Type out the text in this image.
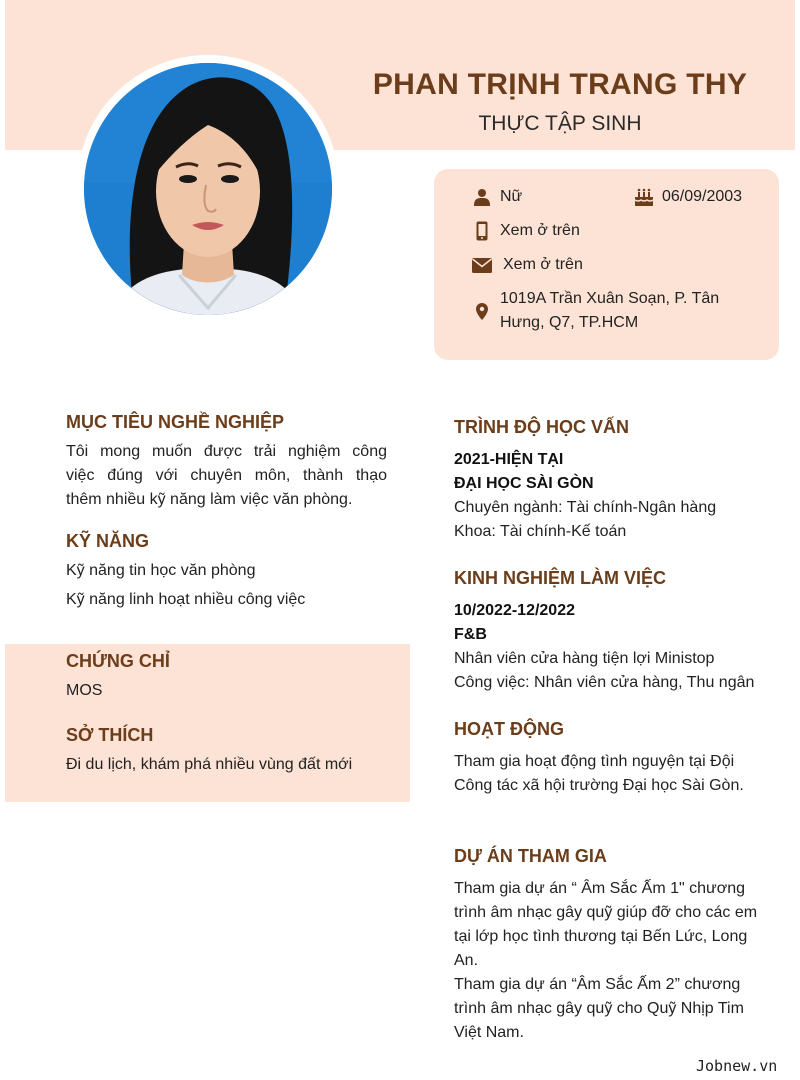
PHAN TRỊNH TRANG THY
THỰC TẬP SINH
Nữ	06/09/2003
Xem ở trên
Xem ở trên
1019A Trần Xuân Soạn, P. Tân
Hưng, Q7, TP.HCM
MỤC TIÊU NGHỀ NGHIỆP
Tôi mong muốn được trải nghiệm công
việc đúng với chuyên môn, thành thạo
thêm nhiều kỹ năng làm việc văn phòng.
KỸ NĂNG
Kỹ năng tin học văn phòng
Kỹ năng linh hoạt nhiều công việc
CHỨNG CHỈ
MOS
SỞ THÍCH
Đi du lịch, khám phá nhiều vùng đất mới
TRÌNH ĐỘ HỌC VẤN
2021-HIỆN TẠI
ĐẠI HỌC SÀI GÒN
Chuyên ngành: Tài chính-Ngân hàng
Khoa: Tài chính-Kế toán
KINH NGHIỆM LÀM VIỆC
10/2022-12/2022
F&B
Nhân viên cửa hàng tiện lợi Ministop
Công việc: Nhân viên cửa hàng, Thu ngân
HOẠT ĐỘNG
Tham gia hoạt động tình nguyện tại Đội
Công tác xã hội trường Đại học Sài Gòn.
DỰ ÁN THAM GIA
Tham gia dự án “ Âm Sắc Ấm 1" chương
trình âm nhạc gây quỹ giúp đỡ cho các em
tại lớp học tình thương tại Bến Lức, Long
An.
Tham gia dự án “Âm Sắc Ấm 2” chương
trình âm nhạc gây quỹ cho Quỹ Nhịp Tim
Việt Nam.
Jobnew.vn
